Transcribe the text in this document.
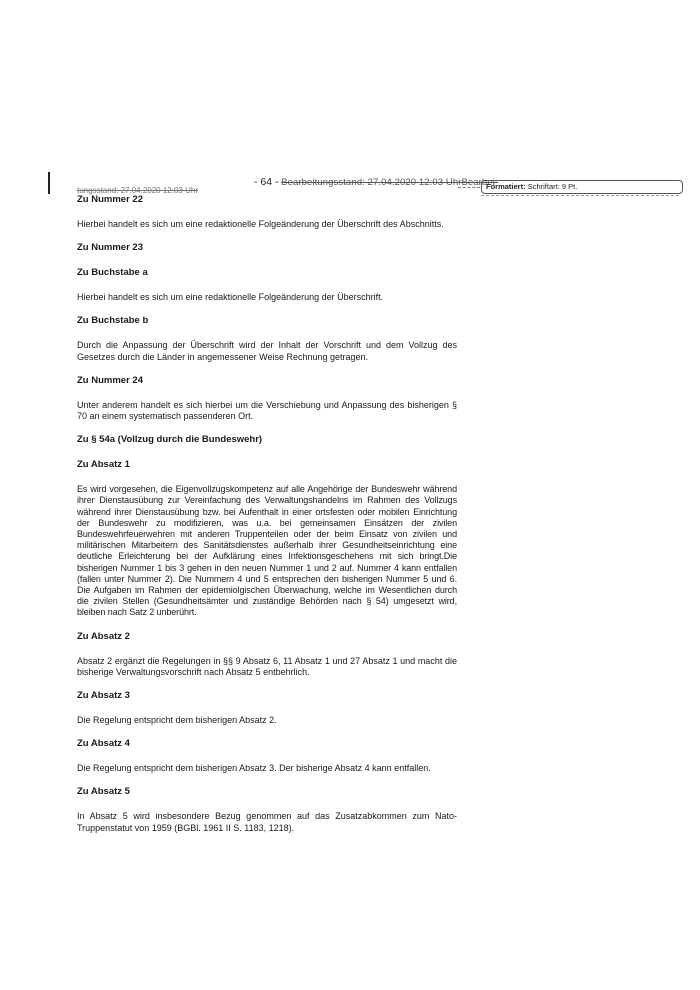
- 64 - Bearbeitungsstand: 27.04.2020 12:03 UhrBearbei-
tungsstand: 27.04.2020 12:03 Uhr	Formatiert: Schriftart: 9 Pt.
Zu Nummer 22

Hierbei handelt es sich um eine redaktionelle Folgeänderung der Überschrift des Abschnitts.

Zu Nummer 23
Zu Buchstabe a

Hierbei handelt es sich um eine redaktionelle Folgeänderung der Überschrift.

Zu Buchstabe b

Durch die Anpassung der Überschrift wird der Inhalt der Vorschrift und dem Vollzug des Gesetzes durch die Länder in angemessener Weise Rechnung getragen.

Zu Nummer 24

Unter anderem handelt es sich hierbei um die Verschiebung und Anpassung des bisherigen § 70 an einem systematisch passenderen Ort.

Zu § 54a (Vollzug durch die Bundeswehr)
Zu Absatz 1

Es wird vorgesehen, die Eigenvollzugskompetenz auf alle Angehörige der Bundeswehr während ihrer Dienstausübung zur Vereinfachung des Verwaltungshandelns im Rahmen des Vollzugs während ihrer Dienstausübung bzw. bei Aufenthalt in einer ortsfesten oder mobilen Einrichtung der Bundeswehr zu modifizieren, was u.a. bei gemeinsamen Einsätzen der zivilen Bundeswehrfeuerwehren mit anderen Truppenteilen oder der beim Einsatz von zivilen und militärischen Mitarbeitern des Sanitätsdienstes außerhalb ihrer Gesundheitseinrichtung eine deutliche Erleichterung bei der Aufklärung eines Infektionsgeschehens mit sich bringt.Die bisherigen Nummer 1 bis 3 gehen in den neuen Nummer 1 und 2 auf. Nummer 4 kann entfallen (fallen unter Nummer 2). Die Nummern 4 und 5 entsprechen den bisherigen Nummer 5 und 6. Die Aufgaben im Rahmen der epidemiolgischen Überwachung, welche im Wesentlichen durch die zivilen Stellen (Gesundheitsämter und zuständige Behörden nach § 54) umgesetzt wird, bleiben nach Satz 2 unberührt.

Zu Absatz 2

Absatz 2 ergänzt die Regelungen in §§ 9 Absatz 6, 11 Absatz 1 und 27 Absatz 1 und macht die bisherige Verwaltungsvorschrift nach Absatz 5 entbehrlich.

Zu Absatz 3

Die Regelung entspricht dem bisherigen Absatz 2.

Zu Absatz 4

Die Regelung entspricht dem bisherigen Absatz 3. Der bisherige Absatz 4 kann entfallen.

Zu Absatz 5

In Absatz 5 wird insbesondere Bezug genommen auf das Zusatzabkommen zum Nato-Truppenstatut von 1959 (BGBl. 1961 II S. 1183, 1218).
